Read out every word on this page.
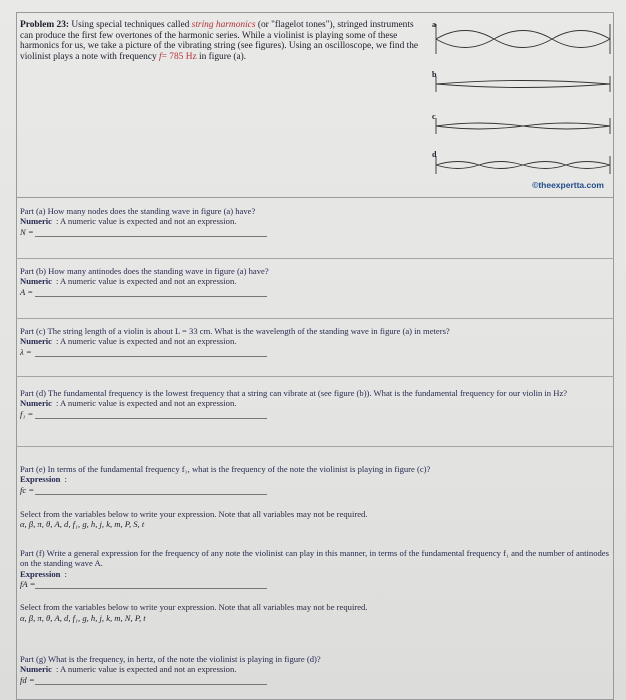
Problem 23: Using special techniques called string harmonics (or "flagelot tones"), stringed instruments can produce the first few overtones of the harmonic series. While a violinist is playing some of these harmonics for us, we take a picture of the vibrating string (see figures). Using an oscilloscope, we find the violinist plays a note with frequency f= 785 Hz in figure (a).
a
b
c
d
©theexpertta.com
Part (a) How many nodes does the standing wave in figure (a) have?
Numeric : A numeric value is expected and not an expression.
N =
Part (b) How many antinodes does the standing wave in figure (a) have?
Numeric : A numeric value is expected and not an expression.
A =
Part (c) The string length of a violin is about L = 33 cm. What is the wavelength of the standing wave in figure (a) in meters?
Numeric : A numeric value is expected and not an expression.
λ =
Part (d) The fundamental frequency is the lowest frequency that a string can vibrate at (see figure (b)). What is the fundamental frequency for our violin in Hz?
Numeric : A numeric value is expected and not an expression.
f₁ =
Part (e) In terms of the fundamental frequency f₁, what is the frequency of the note the violinist is playing in figure (c)?
Expression :
fc =
Select from the variables below to write your expression. Note that all variables may not be required.
α, β, π, θ, A, d, f₁, g, h, j, k, m, P, S, t
Part (f) Write a general expression for the frequency of any note the violinist can play in this manner, in terms of the fundamental frequency f₁ and the number of antinodes on the standing wave A.
Expression :
fA =
Select from the variables below to write your expression. Note that all variables may not be required.
α, β, π, θ, A, d, f₁, g, h, j, k, m, N, P, t
Part (g) What is the frequency, in hertz, of the note the violinist is playing in figure (d)?
Numeric : A numeric value is expected and not an expression.
fd =
